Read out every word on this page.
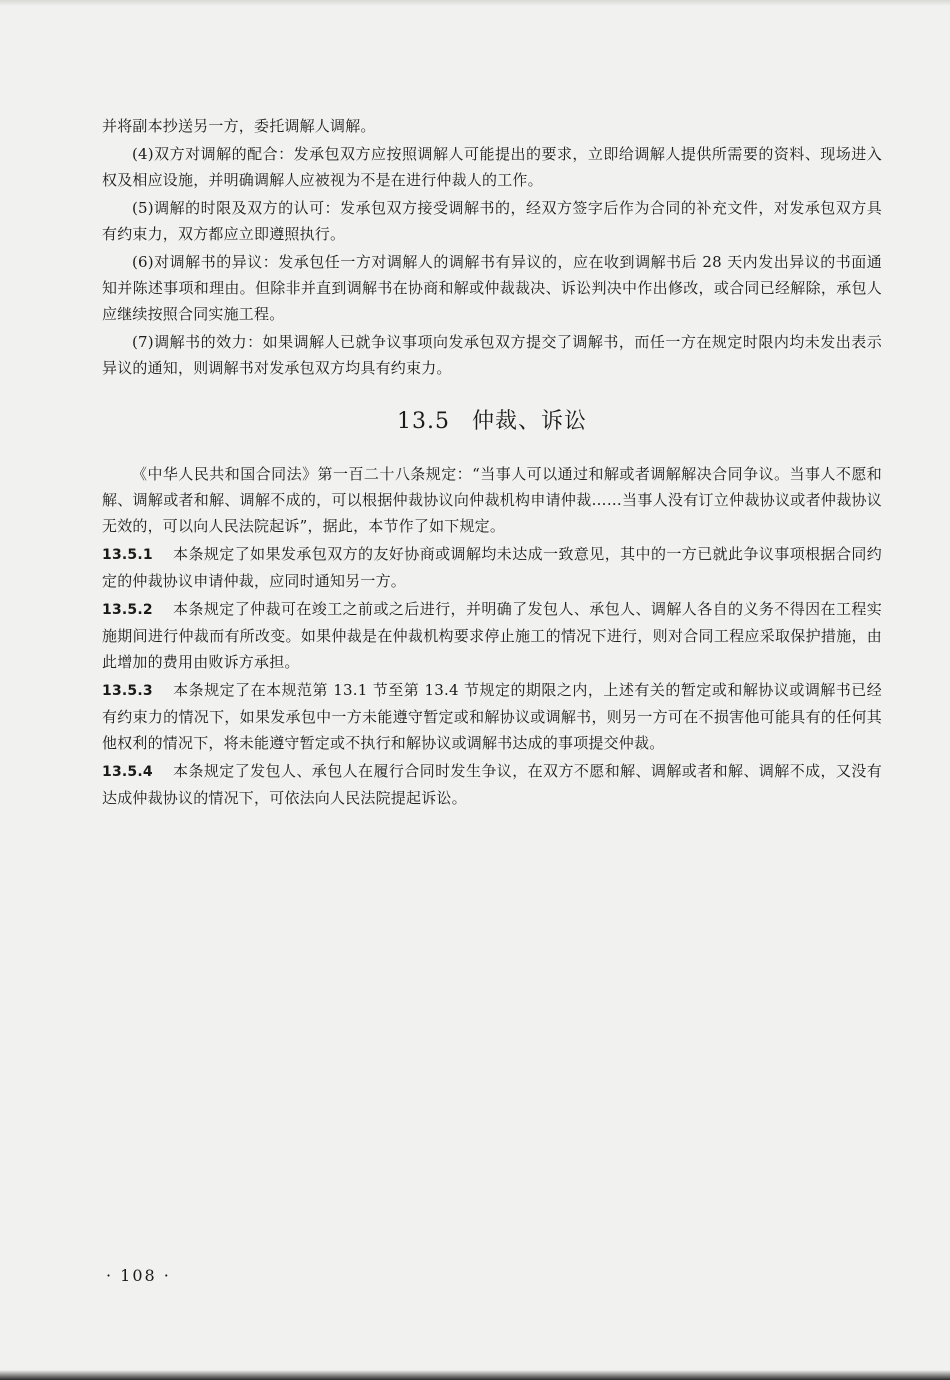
并将副本抄送另一方，委托调解人调解。

(4)双方对调解的配合：发承包双方应按照调解人可能提出的要求，立即给调解人提供所需要的资料、现场进入权及相应设施，并明确调解人应被视为不是在进行仲裁人的工作。

(5)调解的时限及双方的认可：发承包双方接受调解书的，经双方签字后作为合同的补充文件，对发承包双方具有约束力，双方都应立即遵照执行。

(6)对调解书的异议：发承包任一方对调解人的调解书有异议的，应在收到调解书后 28 天内发出异议的书面通知并陈述事项和理由。但除非并直到调解书在协商和解或仲裁裁决、诉讼判决中作出修改，或合同已经解除，承包人应继续按照合同实施工程。

(7)调解书的效力：如果调解人已就争议事项向发承包双方提交了调解书，而任一方在规定时限内均未发出表示异议的通知，则调解书对发承包双方均具有约束力。

13.5 仲裁、诉讼

《中华人民共和国合同法》第一百二十八条规定：“当事人可以通过和解或者调解解决合同争议。当事人不愿和解、调解或者和解、调解不成的，可以根据仲裁协议向仲裁机构申请仲裁……当事人没有订立仲裁协议或者仲裁协议无效的，可以向人民法院起诉”，据此，本节作了如下规定。

13.5.1 本条规定了如果发承包双方的友好协商或调解均未达成一致意见，其中的一方已就此争议事项根据合同约定的仲裁协议申请仲裁，应同时通知另一方。

13.5.2 本条规定了仲裁可在竣工之前或之后进行，并明确了发包人、承包人、调解人各自的义务不得因在工程实施期间进行仲裁而有所改变。如果仲裁是在仲裁机构要求停止施工的情况下进行，则对合同工程应采取保护措施，由此增加的费用由败诉方承担。

13.5.3 本条规定了在本规范第 13.1 节至第 13.4 节规定的期限之内，上述有关的暂定或和解协议或调解书已经有约束力的情况下，如果发承包中一方未能遵守暂定或和解协议或调解书，则另一方可在不损害他可能具有的任何其他权利的情况下，将未能遵守暂定或不执行和解协议或调解书达成的事项提交仲裁。

13.5.4 本条规定了发包人、承包人在履行合同时发生争议，在双方不愿和解、调解或者和解、调解不成，又没有达成仲裁协议的情况下，可依法向人民法院提起诉讼。

· 108 ·
